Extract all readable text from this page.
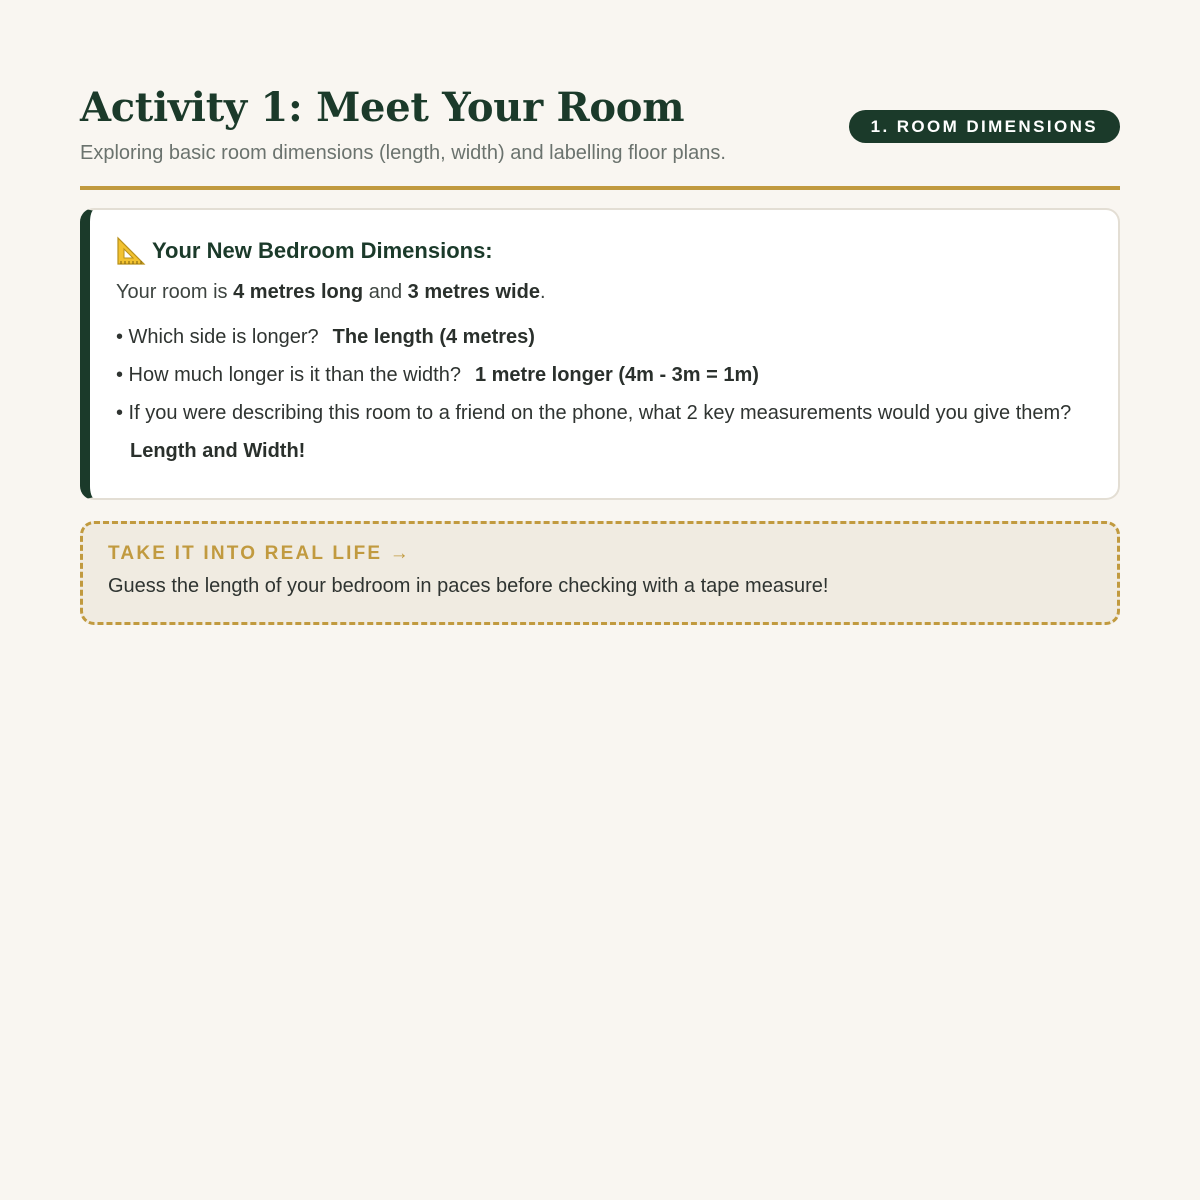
Activity 1: Meet Your Room

Exploring basic room dimensions (length, width) and labelling floor plans.

1. ROOM DIMENSIONS
Your New Bedroom Dimensions:

Your room is 4 metres long and 3 metres wide.

• Which side is longer? The length (4 metres)
• How much longer is it than the width? 1 metre longer (4m - 3m = 1m)
• If you were describing this room to a friend on the phone, what 2 key measurements would you give them?Length and Width!
TAKE IT INTO REAL LIFE →
Guess the length of your bedroom in paces before checking with a tape measure!
